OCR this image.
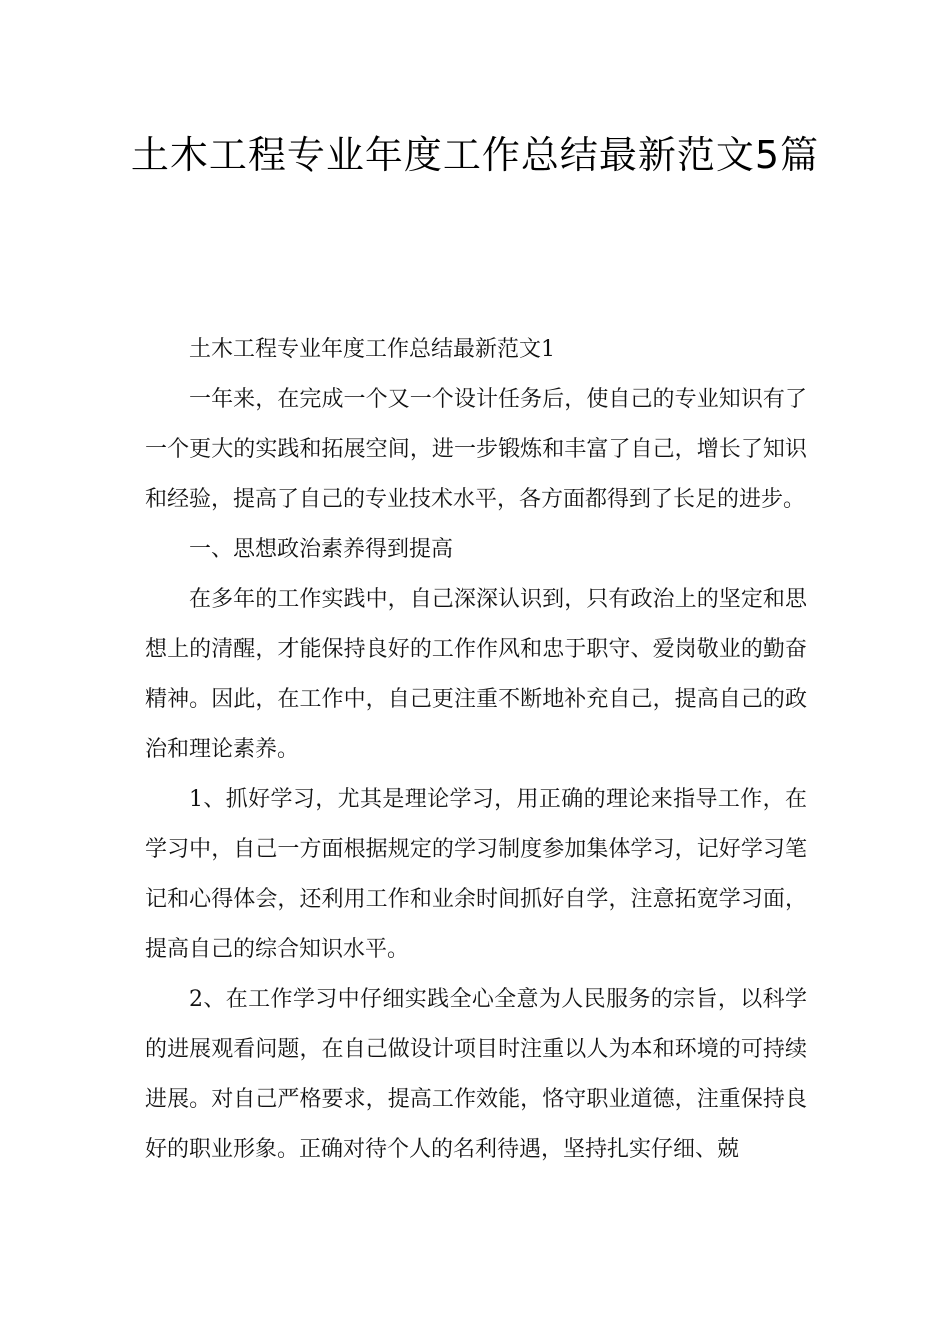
土木工程专业年度工作总结最新范文5篇

土木工程专业年度工作总结最新范文1

一年来，在完成一个又一个设计任务后，使自己的专业知识有了一个更大的实践和拓展空间，进一步锻炼和丰富了自己，增长了知识和经验，提高了自己的专业技术水平，各方面都得到了长足的进步。

一、思想政治素养得到提高

在多年的工作实践中，自己深深认识到，只有政治上的坚定和思想上的清醒，才能保持良好的工作作风和忠于职守、爱岗敬业的勤奋精神。因此，在工作中，自己更注重不断地补充自己，提高自己的政治和理论素养。

1、抓好学习，尤其是理论学习，用正确的理论来指导工作，在学习中，自己一方面根据规定的学习制度参加集体学习，记好学习笔记和心得体会，还利用工作和业余时间抓好自学，注意拓宽学习面，提高自己的综合知识水平。

2、在工作学习中仔细实践全心全意为人民服务的宗旨，以科学的进展观看问题，在自己做设计项目时注重以人为本和环境的可持续进展。对自己严格要求，提高工作效能，恪守职业道德，注重保持良好的职业形象。正确对待个人的名利待遇，坚持扎实仔细、兢
